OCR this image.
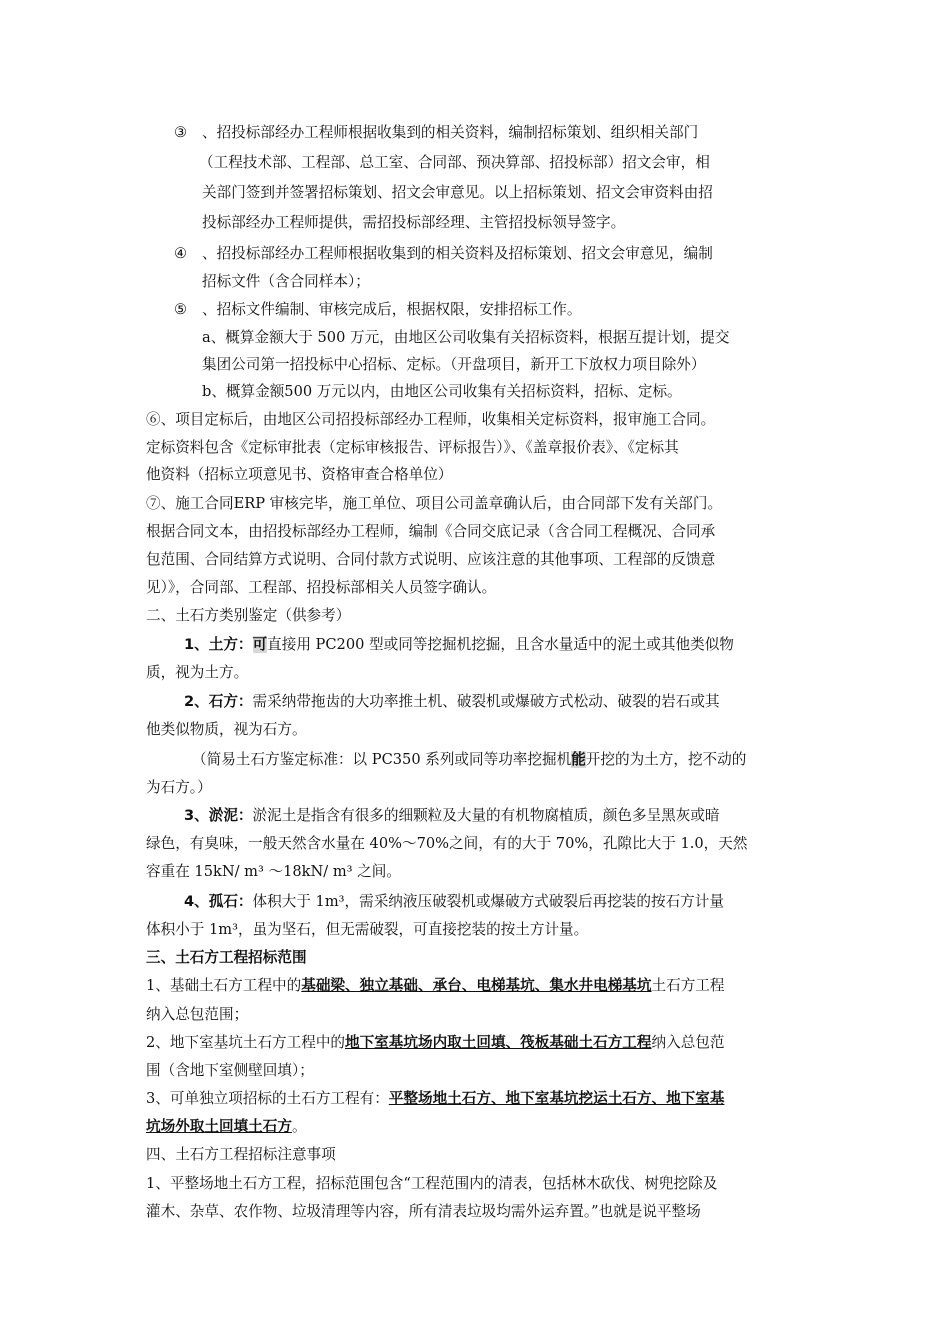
③ 、招投标部经办工程师根据收集到的相关资料，编制招标策划、组织相关部门
（工程技术部、工程部、总工室、合同部、预决算部、招投标部）招文会审，相
关部门签到并签署招标策划、招文会审意见。以上招标策划、招文会审资料由招
投标部经办工程师提供，需招投标部经理、主管招投标领导签字。
④ 、招投标部经办工程师根据收集到的相关资料及招标策划、招文会审意见，编制
招标文件（含合同样本）；
⑤ 、招标文件编制、审核完成后，根据权限，安排招标工作。
a、概算金额大于 500 万元，由地区公司收集有关招标资料，根据互提计划，提交
集团公司第一招投标中心招标、定标。（开盘项目，新开工下放权力项目除外）
b、概算金额500 万元以内，由地区公司收集有关招标资料，招标、定标。
⑥、项目定标后，由地区公司招投标部经办工程师，收集相关定标资料，报审施工合同。
定标资料包含《定标审批表（定标审核报告、评标报告）》、《盖章报价表》、《定标其
他资料（招标立项意见书、资格审查合格单位）
⑦、施工合同ERP 审核完毕，施工单位、项目公司盖章确认后，由合同部下发有关部门。
根据合同文本，由招投标部经办工程师，编制《合同交底记录（含合同工程概况、合同承
包范围、合同结算方式说明、合同付款方式说明、应该注意的其他事项、工程部的反馈意
见）》，合同部、工程部、招投标部相关人员签字确认。
二、土石方类别鉴定（供参考）
1、土方：可直接用 PC200 型或同等挖掘机挖掘，且含水量适中的泥土或其他类似物
质，视为土方。
2、石方：需采纳带拖齿的大功率推土机、破裂机或爆破方式松动、破裂的岩石或其
他类似物质，视为石方。
（简易土石方鉴定标准：以 PC350 系列或同等功率挖掘机能开挖的为土方，挖不动的
为石方。）
3、淤泥：淤泥土是指含有很多的细颗粒及大量的有机物腐植质，颜色多呈黑灰或暗
绿色，有臭味，一般天然含水量在 40%～70%之间，有的大于 70%，孔隙比大于 1.0，天然
容重在 15kN/ m³ ～18kN/ m³ 之间。
4、孤石：体积大于 1m³，需采纳液压破裂机或爆破方式破裂后再挖装的按石方计量
体积小于 1m³，虽为坚石，但无需破裂，可直接挖装的按土方计量。
三、土石方工程招标范围
1、基础土石方工程中的基础梁、独立基础、承台、电梯基坑、集水井电梯基坑土石方工程
纳入总包范围；
2、地下室基坑土石方工程中的地下室基坑场内取土回填、筏板基础土石方工程纳入总包范
围（含地下室侧壁回填）；
3、可单独立项招标的土石方工程有：平整场地土石方、地下室基坑挖运土石方、地下室基
坑场外取土回填土石方。
四、土石方工程招标注意事项
1、平整场地土石方工程，招标范围包含“工程范围内的清表，包括林木砍伐、树兜挖除及
灌木、杂草、农作物、垃圾清理等内容，所有清表垃圾均需外运弃置。”也就是说平整场
